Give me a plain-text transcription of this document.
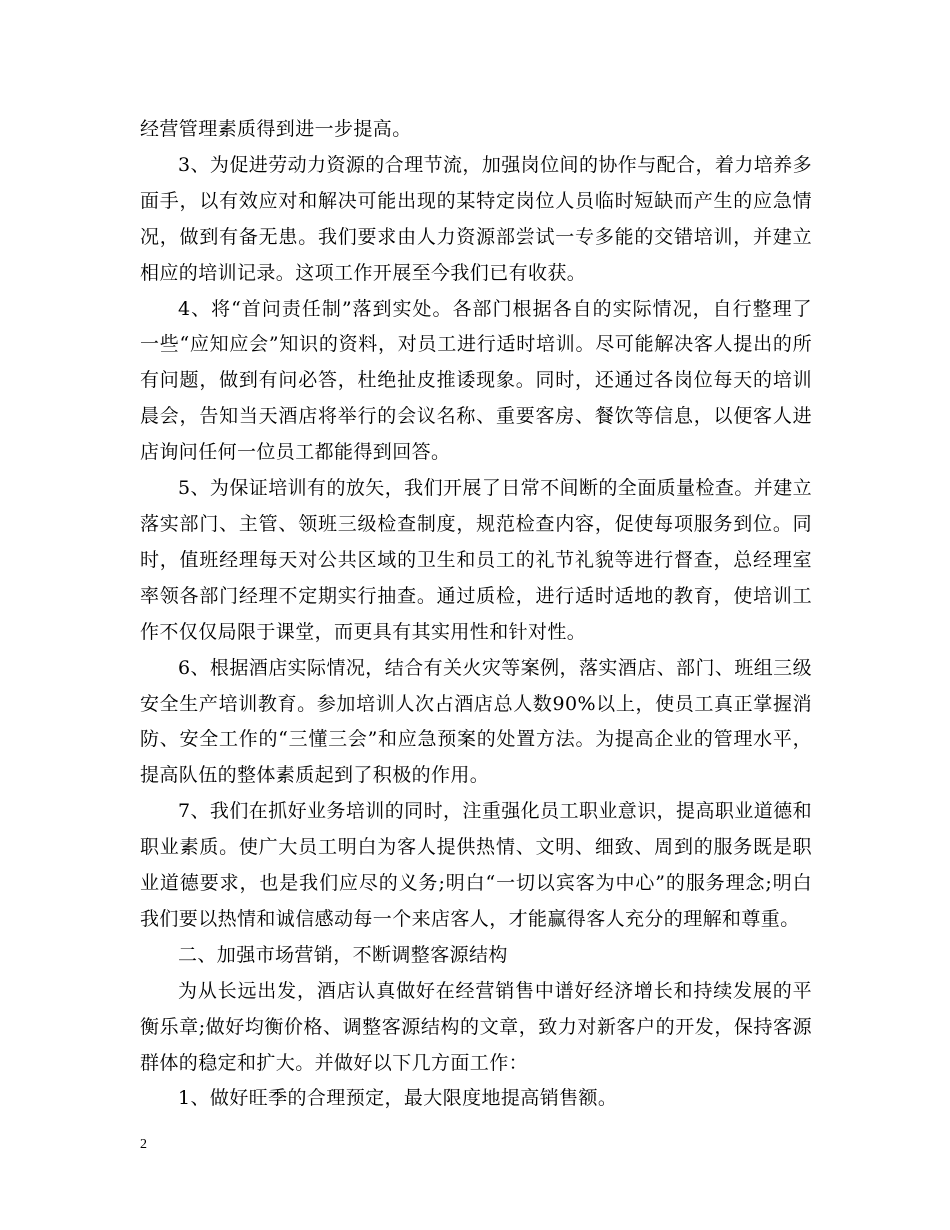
经营管理素质得到进一步提高。

3、为促进劳动力资源的合理节流，加强岗位间的协作与配合，着力培养多面手，以有效应对和解决可能出现的某特定岗位人员临时短缺而产生的应急情况，做到有备无患。我们要求由人力资源部尝试一专多能的交错培训，并建立相应的培训记录。这项工作开展至今我们已有收获。

4、将“首问责任制”落到实处。各部门根据各自的实际情况，自行整理了一些“应知应会”知识的资料，对员工进行适时培训。尽可能解决客人提出的所有问题，做到有问必答，杜绝扯皮推诿现象。同时，还通过各岗位每天的培训晨会，告知当天酒店将举行的会议名称、重要客房、餐饮等信息，以便客人进店询问任何一位员工都能得到回答。

5、为保证培训有的放矢，我们开展了日常不间断的全面质量检查。并建立落实部门、主管、领班三级检查制度，规范检查内容，促使每项服务到位。同时，值班经理每天对公共区域的卫生和员工的礼节礼貌等进行督查，总经理室率领各部门经理不定期实行抽查。通过质检，进行适时适地的教育，使培训工作不仅仅局限于课堂，而更具有其实用性和针对性。

6、根据酒店实际情况，结合有关火灾等案例，落实酒店、部门、班组三级安全生产培训教育。参加培训人次占酒店总人数90%以上，使员工真正掌握消防、安全工作的“三懂三会”和应急预案的处置方法。为提高企业的管理水平，提高队伍的整体素质起到了积极的作用。

7、我们在抓好业务培训的同时，注重强化员工职业意识，提高职业道德和职业素质。使广大员工明白为客人提供热情、文明、细致、周到的服务既是职业道德要求，也是我们应尽的义务;明白“一切以宾客为中心”的服务理念;明白我们要以热情和诚信感动每一个来店客人，才能赢得客人充分的理解和尊重。

二、加强市场营销，不断调整客源结构

为从长远出发，酒店认真做好在经营销售中谱好经济增长和持续发展的平衡乐章;做好均衡价格、调整客源结构的文章，致力对新客户的开发，保持客源群体的稳定和扩大。并做好以下几方面工作：

1、做好旺季的合理预定，最大限度地提高销售额。

2
